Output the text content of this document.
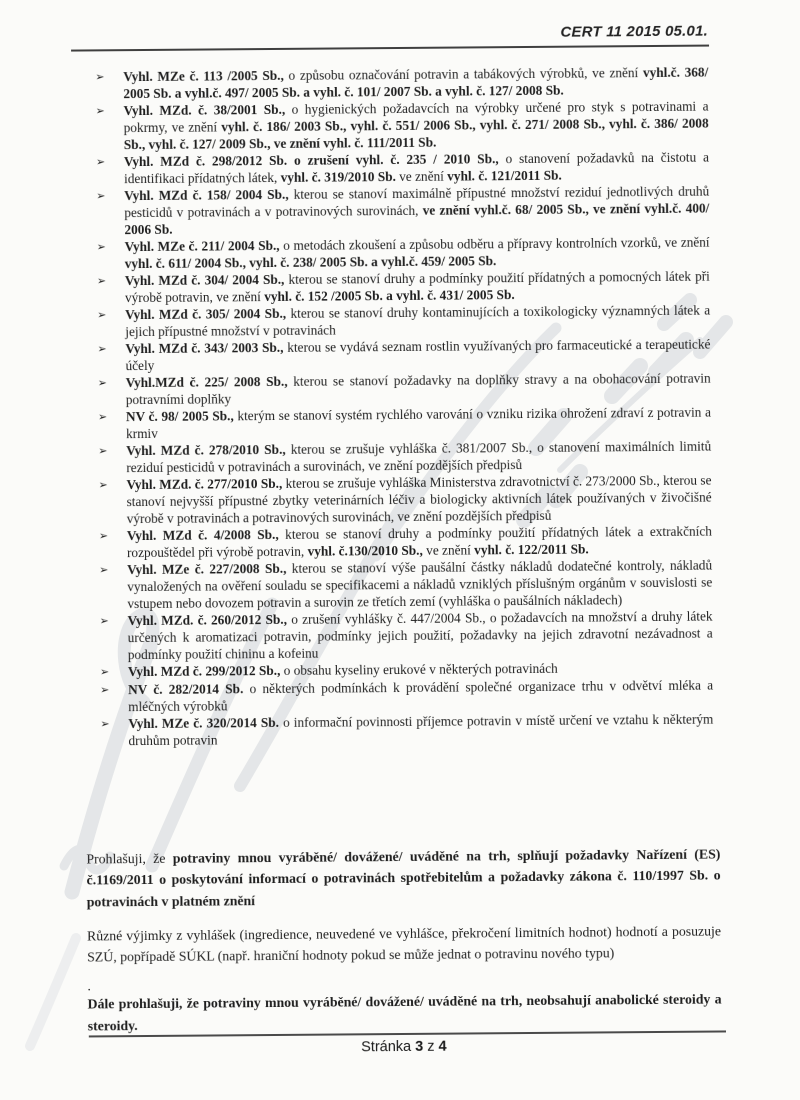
CERT 11 2015 05.01.
➢	Vyhl. MZe č. 113 /2005 Sb., o způsobu označování potravin a tabákových výrobků, ve znění vyhl.č. 368/ 2005 Sb. a vyhl.č. 497/ 2005 Sb. a vyhl. č. 101/ 2007 Sb. a vyhl. č. 127/ 2008 Sb.
➢	Vyhl. MZd. č. 38/2001 Sb., o hygienických požadavcích na výrobky určené pro styk s potravinami a pokrmy, ve znění vyhl. č. 186/ 2003 Sb., vyhl. č. 551/ 2006 Sb., vyhl. č. 271/ 2008 Sb., vyhl. č. 386/ 2008 Sb., vyhl. č. 127/ 2009 Sb., ve znění vyhl. č. 111/2011 Sb.
➢	Vyhl. MZd č. 298/2012 Sb. o zrušení vyhl. č. 235 / 2010 Sb., o stanovení požadavků na čistotu a identifikaci přídatných látek, vyhl. č. 319/2010 Sb. ve znění vyhl. č. 121/2011 Sb.
➢	Vyhl. MZd č. 158/ 2004 Sb., kterou se stanoví maximálně přípustné množství reziduí jednotlivých druhů pesticidů v potravinách a v potravinových surovinách, ve znění vyhl.č. 68/ 2005 Sb., ve znění vyhl.č. 400/ 2006 Sb.
➢	Vyhl. MZe č. 211/ 2004 Sb., o metodách zkoušení a způsobu odběru a přípravy kontrolních vzorků, ve znění vyhl. č. 611/ 2004 Sb., vyhl. č. 238/ 2005 Sb. a vyhl.č. 459/ 2005 Sb.
➢	Vyhl. MZd č. 304/ 2004 Sb., kterou se stanoví druhy a podmínky použití přídatných a pomocných látek při výrobě potravin, ve znění vyhl. č. 152 /2005 Sb. a vyhl. č. 431/ 2005 Sb.
➢	Vyhl. MZd č. 305/ 2004 Sb., kterou se stanoví druhy kontaminujících a toxikologicky významných látek a jejich přípustné množství v potravinách
➢	Vyhl. MZd č. 343/ 2003 Sb., kterou se vydává seznam rostlin využívaných pro farmaceutické a terapeutické účely
➢	Vyhl.MZd č. 225/ 2008 Sb., kterou se stanoví požadavky na doplňky stravy a na obohacování potravin potravními doplňky
➢	NV č. 98/ 2005 Sb., kterým se stanoví systém rychlého varování o vzniku rizika ohrožení zdraví z potravin a krmiv
➢	Vyhl. MZd č. 278/2010 Sb., kterou se zrušuje vyhláška č. 381/2007 Sb., o stanovení maximálních limitů reziduí pesticidů v potravinách a surovinách, ve znění pozdějších předpisů
➢	Vyhl. MZd. č. 277/2010 Sb., kterou se zrušuje vyhláška Ministerstva zdravotnictví č. 273/2000 Sb., kterou se stanoví nejvyšší přípustné zbytky veterinárních léčiv a biologicky aktivních látek používaných v živočišné výrobě v potravinách a potravinových surovinách, ve znění pozdějších předpisů
➢	Vyhl. MZd č. 4/2008 Sb., kterou se stanoví druhy a podmínky použití přídatných látek a extrakčních rozpouštědel při výrobě potravin, vyhl. č.130/2010 Sb., ve znění vyhl. č. 122/2011 Sb.
➢	Vyhl. MZe č. 227/2008 Sb., kterou se stanoví výše paušální částky nákladů dodatečné kontroly, nákladů vynaložených na ověření souladu se specifikacemi a nákladů vzniklých příslušným orgánům v souvislosti se vstupem nebo dovozem potravin a surovin ze třetích zemí (vyhláška o paušálních nákladech)
➢	Vyhl. MZd. č. 260/2012 Sb., o zrušení vyhlášky č. 447/2004 Sb., o požadavcích na množství a druhy látek určených k aromatizaci potravin, podmínky jejich použití, požadavky na jejich zdravotní nezávadnost a podmínky použití chininu a kofeinu
➢	Vyhl. MZd č. 299/2012 Sb., o obsahu kyseliny erukové v některých potravinách
➢	NV č. 282/2014 Sb. o některých podmínkách k provádění společné organizace trhu v odvětví mléka a mléčných výrobků
➢	Vyhl. MZe č. 320/2014 Sb. o informační povinnosti příjemce potravin v místě určení ve vztahu k některým druhům potravin

Prohlašuji, že potraviny mnou vyráběné/ dovážené/ uváděné na trh, splňují požadavky Nařízení (ES) č.1169/2011 o poskytování informací o potravinách spotřebitelům a požadavky zákona č. 110/1997 Sb. o potravinách v platném znění

Různé výjimky z vyhlášek (ingredience, neuvedené ve vyhlášce, překročení limitních hodnot) hodnotí a posuzuje SZÚ, popřípadě SÚKL (např. hraniční hodnoty pokud se může jednat o potravinu nového typu)

.

Dále prohlašuji, že potraviny mnou vyráběné/ dovážené/ uváděné na trh, neobsahují anabolické steroidy a steroidy.

Stránka 3 z 4
